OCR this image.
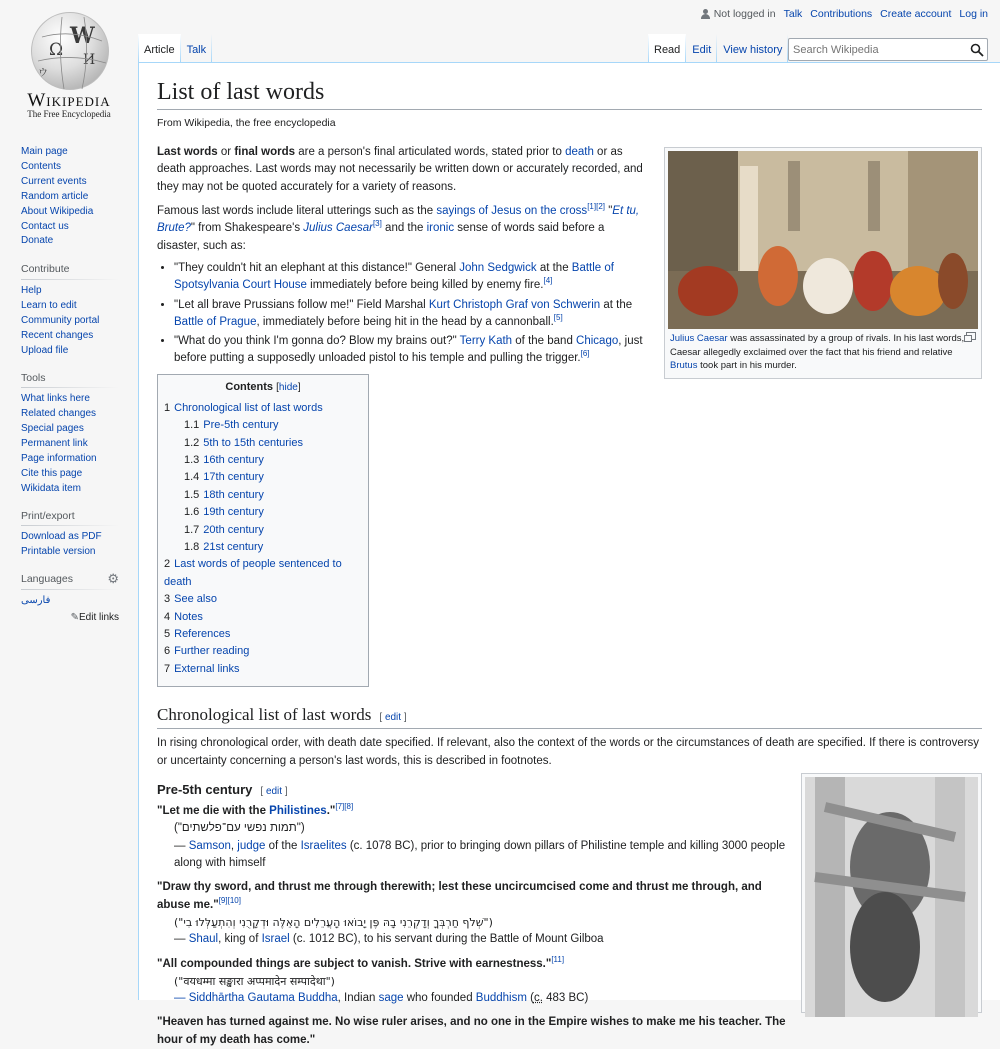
Ω
W
И
ウ
Wikipedia
The Free Encyclopedia
Main page
Contents
Current events
Random article
About Wikipedia
Contact us
Donate
Contribute
Help
Learn to edit
Community portal
Recent changes
Upload file
Tools
What links here
Related changes
Special pages
Permanent link
Page information
Cite this page
Wikidata item
Print/export
Download as PDF
Printable version
Languages	⚙
فارسی
✎Edit links
Not logged in Talk Contributions Create account Log in
Article	Talk	Read	Edit	View history
Search Wikipedia
List of last words
From Wikipedia, the free encyclopedia
Julius Caesar was assassinated by a group of rivals. In his last words, Caesar allegedly exclaimed over the fact that his friend and relative Brutus took part in his murder.

Last words or final words are a person's final articulated words, stated prior to death or as death approaches. Last words may not necessarily be written down or accurately recorded, and they may not be quoted accurately for a variety of reasons.

Famous last words include literal utterings such as the sayings of Jesus on the cross[1][2] "Et tu, Brute?" from Shakespeare's Julius Caesar[3] and the ironic sense of words said before a disaster, such as:

• "They couldn't hit an elephant at this distance!" General John Sedgwick at the Battle of Spotsylvania Court House immediately before being killed by enemy fire.[4]
• "Let all brave Prussians follow me!" Field Marshal Kurt Christoph Graf von Schwerin at the Battle of Prague, immediately before being hit in the head by a cannonball.[5]
• "What do you think I'm gonna do? Blow my brains out?" Terry Kath of the band Chicago, just before putting a supposedly unloaded pistol to his temple and pulling the trigger.[6]
Contents [hide]
1 Chronological list of last words
1.1 Pre-5th century
1.2 5th to 15th centuries
1.3 16th century
1.4 17th century
1.5 18th century
1.6 19th century
1.7 20th century
1.8 21st century
2 Last words of people sentenced to death
3 See also
4 Notes
5 References
6 Further reading
7 External links
Chronological list of last words [ edit ]

In rising chronological order, with death date specified. If relevant, also the context of the words or the circumstances of death are specified. If there is controversy or uncertainty concerning a person's last words, this is described in footnotes.

Pre-5th century [ edit ]

"Let me die with the Philistines."[7][8]

("תמות נפשי עם־פלשתים")

— Samson, judge of the Israelites (c. 1078 BC), prior to bringing down pillars of Philistine temple and killing 3000 people along with himself

"Draw thy sword, and thrust me through therewith; lest these uncircumcised come and thrust me through, and abuse me."[9][10]

("שְׁלֹף חַרְבְּךָ וְדָקְרֵנִי בָהּ פֶּן יָבוֹאוּ הָעֲרֵלִים הָאֵלֶּה וּדְקָרֻנִי וְהִתְעַלְּלוּ בִי")

— Shaul, king of Israel (c. 1012 BC), to his servant during the Battle of Mount Gilboa

"All compounded things are subject to vanish. Strive with earnestness."[11]

("वयधम्मा सङ्खारा अप्पमादेन सम्पादेथा")

— Siddhārtha Gautama Buddha, Indian sage who founded Buddhism (c. 483 BC)

"Heaven has turned against me. No wise ruler arises, and no one in the Empire wishes to make me his teacher. The hour of my death has come."
